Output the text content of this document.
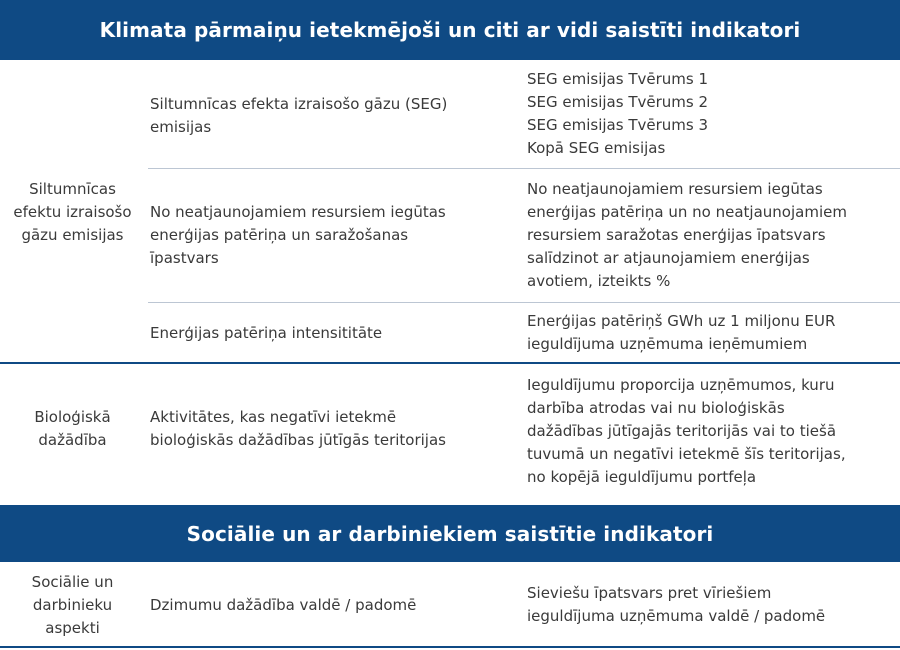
Klimata pārmaiņu ietekmējoši un citi ar vidi saistīti indikatori
Siltumnīcas
efektu izraisošo
gāzu emisijas
Siltumnīcas efekta izraisošo gāzu (SEG)
emisijas
SEG emisijas Tvērums 1
SEG emisijas Tvērums 2
SEG emisijas Tvērums 3
Kopā SEG emisijas
No neatjaunojamiem resursiem iegūtas
enerģijas patēriņa un saražošanas
īpastvars
No neatjaunojamiem resursiem iegūtas
enerģijas patēriņa un no neatjaunojamiem
resursiem saražotas enerģijas īpatsvars
salīdzinot ar atjaunojamiem enerģijas
avotiem, izteikts %
Enerģijas patēriņa intensititāte
Enerģijas patēriņš GWh uz 1 miljonu EUR
ieguldījuma uzņēmuma ieņēmumiem
Bioloģiskā
dažādība
Aktivitātes, kas negatīvi ietekmē
bioloģiskās dažādības jūtīgās teritorijas
Ieguldījumu proporcija uzņēmumos, kuru
darbība atrodas vai nu bioloģiskās
dažādības jūtīgajās teritorijās vai to tiešā
tuvumā un negatīvi ietekmē šīs teritorijas,
no kopējā ieguldījumu portfeļa
Sociālie un ar darbiniekiem saistītie indikatori
Sociālie un
darbinieku
aspekti
Dzimumu dažādība valdē / padomē
Sieviešu īpatsvars pret vīriešiem
ieguldījuma uzņēmuma valdē / padomē
